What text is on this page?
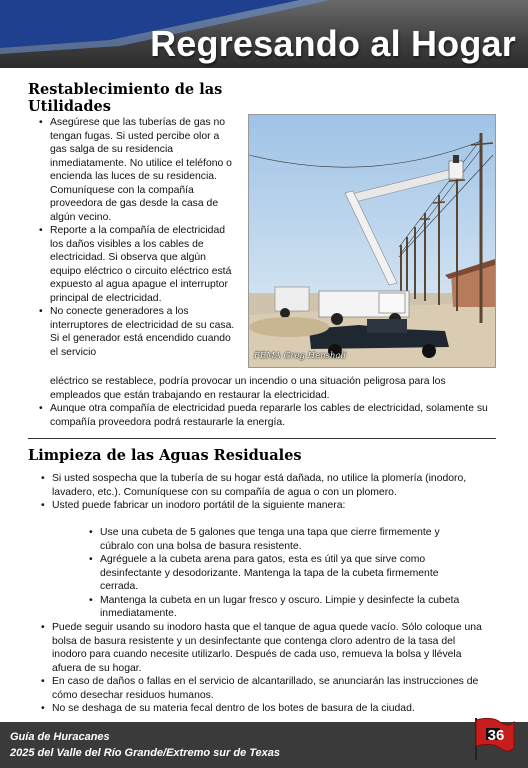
Regresando al Hogar
Restablecimiento de las Utilidades
• Asegúrese que las tuberías de gas no tengan fugas. Si usted percibe olor a gas salga de su residencia inmediatamente. No utilice el teléfono o encienda las luces de su residencia. Comuníquese con la compañía proveedora de gas desde la casa de algún vecino.
• Reporte a la compañía de electricidad los daños visibles a los cables de electricidad. Si observa que algún equipo eléctrico o circuito eléctrico está expuesto al agua apague el interruptor principal de electricidad.
• No conecte generadores a los interruptores de electricidad de su casa. Si el generador está encendido cuando el servicio
eléctrico se restablece, podría provocar un incendio o una situación peligrosa para los empleados que están trabajando en restaurar la electricidad.
• Aunque otra compañía de electricidad pueda repararle los cables de electricidad, solamente su compañía proveedora podrá restaurarle la energía.
FEMA Greg Henshall
Limpieza de las Aguas Residuales
• Si usted sospecha que la tubería de su hogar está dañada, no utilice la plomería (inodoro, lavadero, etc.). Comuníquese con su compañía de agua o con un plomero.
• Usted puede fabricar un inodoro portátil de la siguiente manera:
• Use una cubeta de 5 galones que tenga una tapa que cierre firmemente y cúbralo con una bolsa de basura resistente.
• Agréguele a la cubeta arena para gatos, esta es útil ya que sirve como desinfectante y desodorizante. Mantenga la tapa de la cubeta firmemente cerrada.
• Mantenga la cubeta en un lugar fresco y oscuro. Limpie y desinfecte la cubeta inmediatamente.
• Puede seguir usando su inodoro hasta que el tanque de agua quede vacío. Sólo coloque una bolsa de basura resistente y un desinfectante que contenga cloro adentro de la tasa del inodoro para cuando necesite utilizarlo. Después de cada uso, remueva la bolsa y llévela afuera de su hogar.
• En caso de daños o fallas en el servicio de alcantarillado, se anunciarán las instrucciones de cómo desechar residuos humanos.
• No se deshaga de su materia fecal dentro de los botes de basura de la ciudad.
Guía de Huracanes
2025 del Valle del Río Grande/Extremo sur de Texas
36
